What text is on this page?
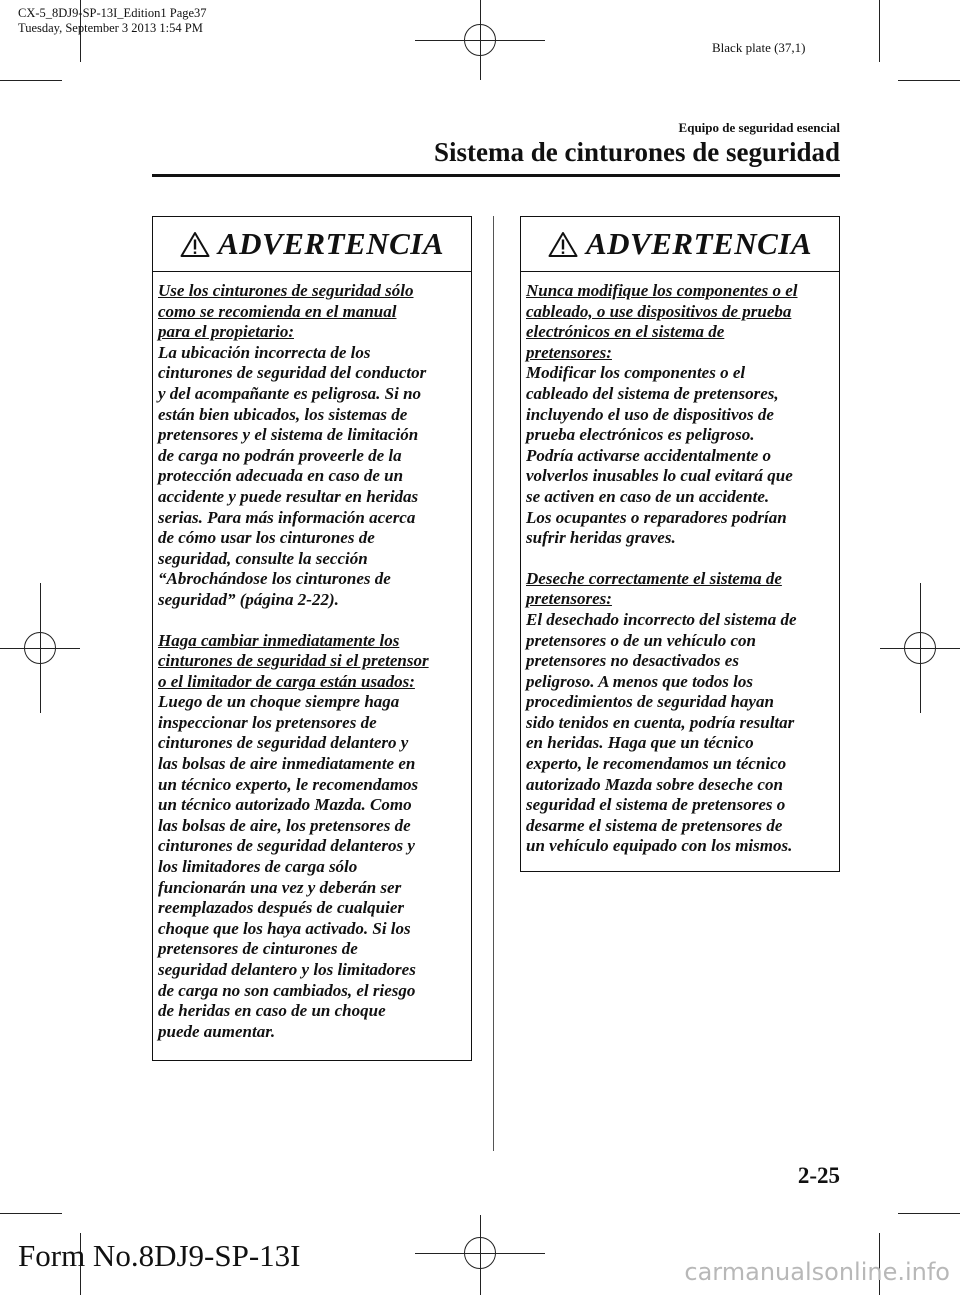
CX-5_8DJ9-SP-13I_Edition1 Page37
Tuesday, September 3 2013 1:54 PM
Black plate (37,1)
Equipo de seguridad esencial
Sistema de cinturones de seguridad
ADVERTENCIA

Use los cinturones de seguridad sólo
como se recomienda en el manual
para el propietario:

La ubicación incorrecta de los
cinturones de seguridad del conductor
y del acompañante es peligrosa. Si no
están bien ubicados, los sistemas de
pretensores y el sistema de limitación
de carga no podrán proveerle de la
protección adecuada en caso de un
accidente y puede resultar en heridas
serias. Para más información acerca
de cómo usar los cinturones de
seguridad, consulte la sección
“Abrochándose los cinturones de
seguridad” (página 2-22).

Haga cambiar inmediatamente los
cinturones de seguridad si el pretensor
o el limitador de carga están usados:

Luego de un choque siempre haga
inspeccionar los pretensores de
cinturones de seguridad delantero y
las bolsas de aire inmediatamente en
un técnico experto, le recomendamos
un técnico autorizado Mazda. Como
las bolsas de aire, los pretensores de
cinturones de seguridad delanteros y
los limitadores de carga sólo
funcionarán una vez y deberán ser
reemplazados después de cualquier
choque que los haya activado. Si los
pretensores de cinturones de
seguridad delantero y los limitadores
de carga no son cambiados, el riesgo
de heridas en caso de un choque
puede aumentar.

ADVERTENCIA

Nunca modifique los componentes o el
cableado, o use dispositivos de prueba
electrónicos en el sistema de
pretensores:

Modificar los componentes o el
cableado del sistema de pretensores,
incluyendo el uso de dispositivos de
prueba electrónicos es peligroso.
Podría activarse accidentalmente o
volverlos inusables lo cual evitará que
se activen en caso de un accidente.
Los ocupantes o reparadores podrían
sufrir heridas graves.

Deseche correctamente el sistema de
pretensores:

El desechado incorrecto del sistema de
pretensores o de un vehículo con
pretensores no desactivados es
peligroso. A menos que todos los
procedimientos de seguridad hayan
sido tenidos en cuenta, podría resultar
en heridas. Haga que un técnico
experto, le recomendamos un técnico
autorizado Mazda sobre deseche con
seguridad el sistema de pretensores o
desarme el sistema de pretensores de
un vehículo equipado con los mismos.

2-25
Form No.8DJ9-SP-13I	carmanualsonline.info
